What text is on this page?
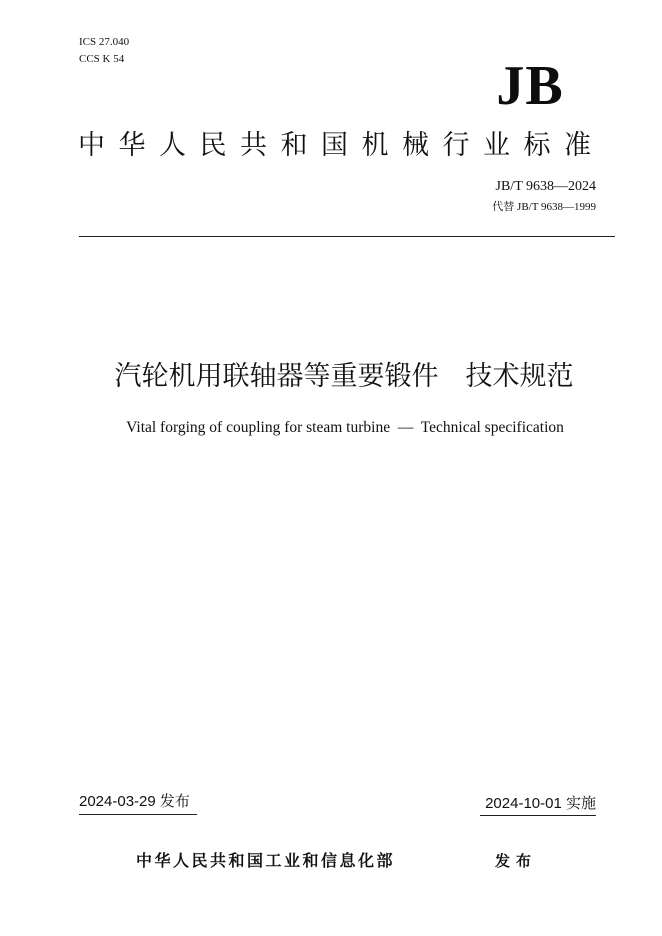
ICS 27.040
CCS K 54	JB
中华人民共和国机械行业标准
JB/T 9638—2024
代替 JB/T 9638—1999
汽轮机用联轴器等重要锻件　技术规范
Vital forging of coupling for steam turbine  —  Technical specification
2024-03-29 发布	2024-10-01 实施
中华人民共和国工业和信息化部	发布
